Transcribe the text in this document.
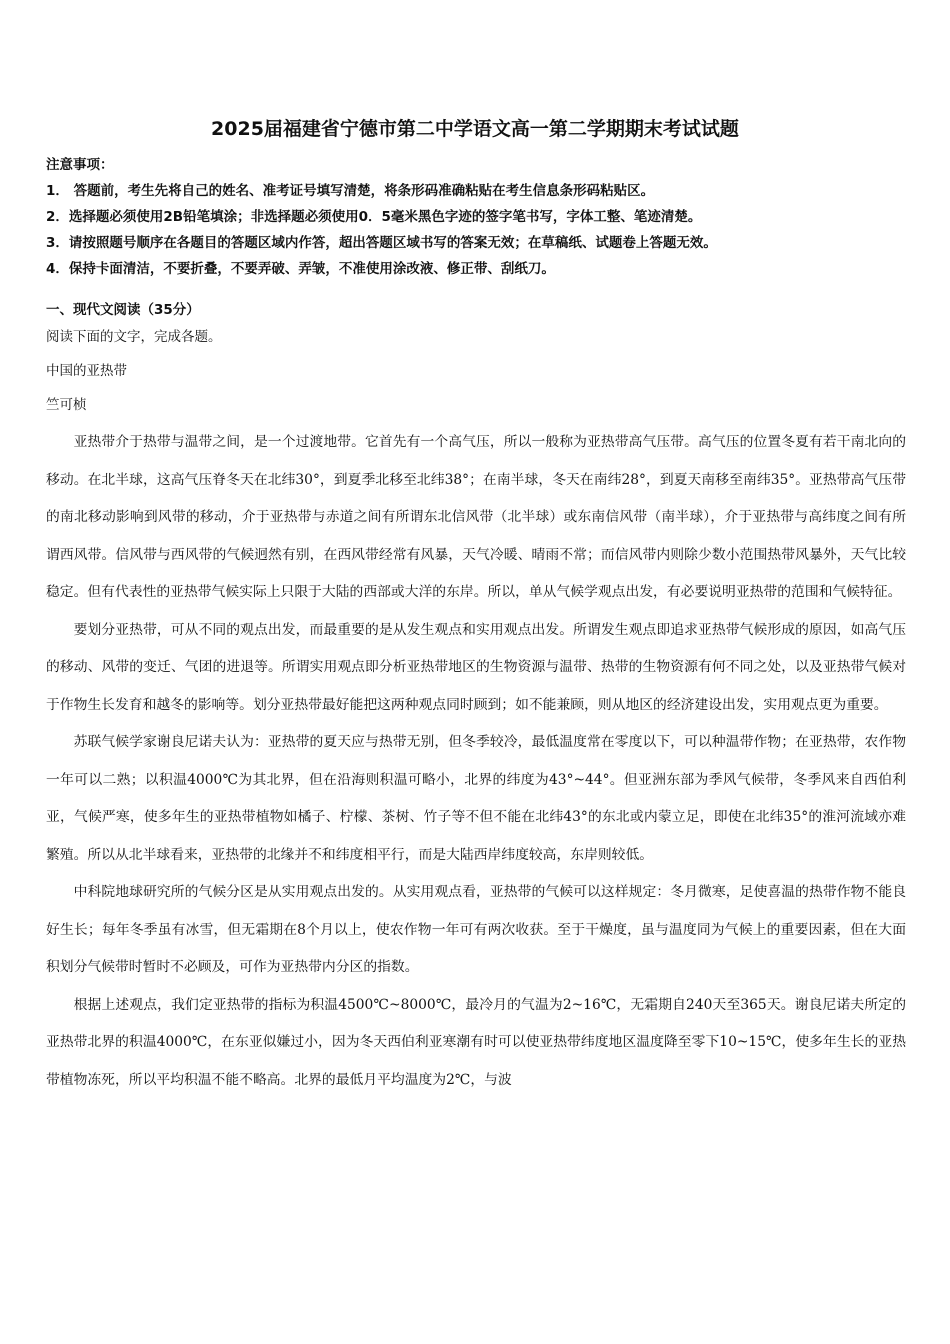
2025届福建省宁德市第二中学语文高一第二学期期末考试试题
注意事项：
1． 答题前，考生先将自己的姓名、准考证号填写清楚，将条形码准确粘贴在考生信息条形码粘贴区。
2．选择题必须使用2B铅笔填涂；非选择题必须使用0．5毫米黑色字迹的签字笔书写，字体工整、笔迹清楚。
3．请按照题号顺序在各题目的答题区域内作答，超出答题区域书写的答案无效；在草稿纸、试题卷上答题无效。
4．保持卡面清洁，不要折叠，不要弄破、弄皱，不准使用涂改液、修正带、刮纸刀。
一、现代文阅读（35分）
阅读下面的文字，完成各题。
中国的亚热带
竺可桢

亚热带介于热带与温带之间，是一个过渡地带。它首先有一个高气压，所以一般称为亚热带高气压带。高气压的位置冬夏有若干南北向的移动。在北半球，这高气压脊冬天在北纬30°，到夏季北移至北纬38°；在南半球，冬天在南纬28°，到夏天南移至南纬35°。亚热带高气压带的南北移动影响到风带的移动，介于亚热带与赤道之间有所谓东北信风带（北半球）或东南信风带（南半球），介于亚热带与高纬度之间有所谓西风带。信风带与西风带的气候迥然有别，在西风带经常有风暴，天气冷暖、晴雨不常；而信风带内则除少数小范围热带风暴外，天气比较稳定。但有代表性的亚热带气候实际上只限于大陆的西部或大洋的东岸。所以，单从气候学观点出发，有必要说明亚热带的范围和气候特征。

要划分亚热带，可从不同的观点出发，而最重要的是从发生观点和实用观点出发。所谓发生观点即追求亚热带气候形成的原因，如高气压的移动、风带的变迁、气团的进退等。所谓实用观点即分析亚热带地区的生物资源与温带、热带的生物资源有何不同之处，以及亚热带气候对于作物生长发育和越冬的影响等。划分亚热带最好能把这两种观点同时顾到；如不能兼顾，则从地区的经济建设出发，实用观点更为重要。

苏联气候学家谢良尼诺夫认为：亚热带的夏天应与热带无别，但冬季较冷，最低温度常在零度以下，可以种温带作物；在亚热带，农作物一年可以二熟；以积温4000℃为其北界，但在沿海则积温可略小，北界的纬度为43°~44°。但亚洲东部为季风气候带，冬季风来自西伯利亚，气候严寒，使多年生的亚热带植物如橘子、柠檬、茶树、竹子等不但不能在北纬43°的东北或内蒙立足，即使在北纬35°的淮河流域亦难繁殖。所以从北半球看来，亚热带的北缘并不和纬度相平行，而是大陆西岸纬度较高，东岸则较低。

中科院地球研究所的气候分区是从实用观点出发的。从实用观点看，亚热带的气候可以这样规定：冬月微寒，足使喜温的热带作物不能良好生长；每年冬季虽有冰雪，但无霜期在8个月以上，使农作物一年可有两次收获。至于干燥度，虽与温度同为气候上的重要因素，但在大面积划分气候带时暂时不必顾及，可作为亚热带内分区的指数。

根据上述观点，我们定亚热带的指标为积温4500℃~8000℃，最冷月的气温为2~16℃，无霜期自240天至365天。谢良尼诺夫所定的亚热带北界的积温4000℃，在东亚似嫌过小，因为冬天西伯利亚寒潮有时可以使亚热带纬度地区温度降至零下10~15℃，使多年生长的亚热带植物冻死，所以平均积温不能不略高。北界的最低月平均温度为2℃，与波
